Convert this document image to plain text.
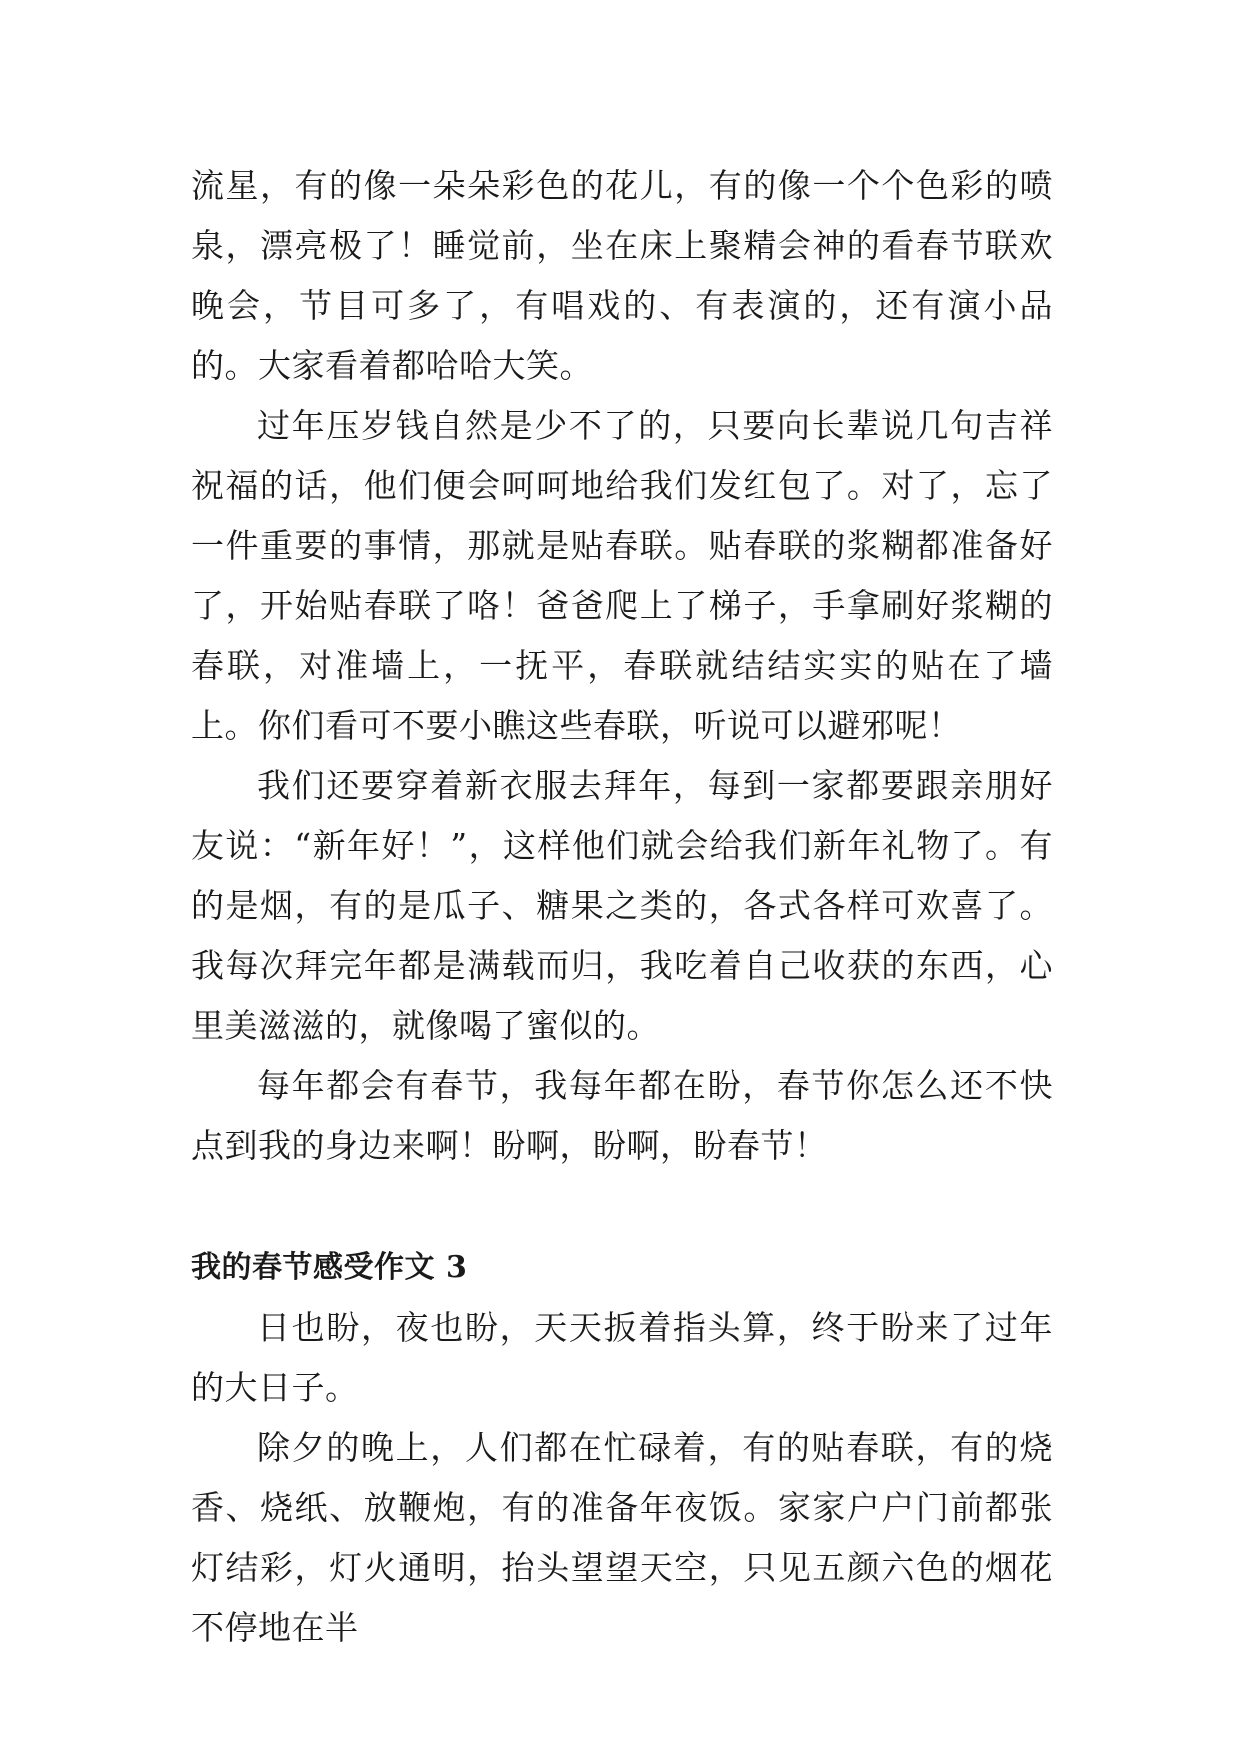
流星，有的像一朵朵彩色的花儿，有的像一个个色彩的喷泉，漂亮极了！睡觉前，坐在床上聚精会神的看春节联欢晚会，节目可多了，有唱戏的、有表演的，还有演小品的。大家看着都哈哈大笑。

过年压岁钱自然是少不了的，只要向长辈说几句吉祥祝福的话，他们便会呵呵地给我们发红包了。对了，忘了一件重要的事情，那就是贴春联。贴春联的浆糊都准备好了，开始贴春联了咯！爸爸爬上了梯子，手拿刷好浆糊的春联，对准墙上，一抚平，春联就结结实实的贴在了墙上。你们看可不要小瞧这些春联，听说可以避邪呢！

我们还要穿着新衣服去拜年，每到一家都要跟亲朋好友说：“新年好！”，这样他们就会给我们新年礼物了。有的是烟，有的是瓜子、糖果之类的，各式各样可欢喜了。我每次拜完年都是满载而归，我吃着自己收获的东西，心里美滋滋的，就像喝了蜜似的。

每年都会有春节，我每年都在盼，春节你怎么还不快点到我的身边来啊！盼啊，盼啊，盼春节！

我的春节感受作文 3

日也盼，夜也盼，天天扳着指头算，终于盼来了过年的大日子。

除夕的晚上，人们都在忙碌着，有的贴春联，有的烧香、烧纸、放鞭炮，有的准备年夜饭。家家户户门前都张灯结彩，灯火通明，抬头望望天空，只见五颜六色的烟花不停地在半
